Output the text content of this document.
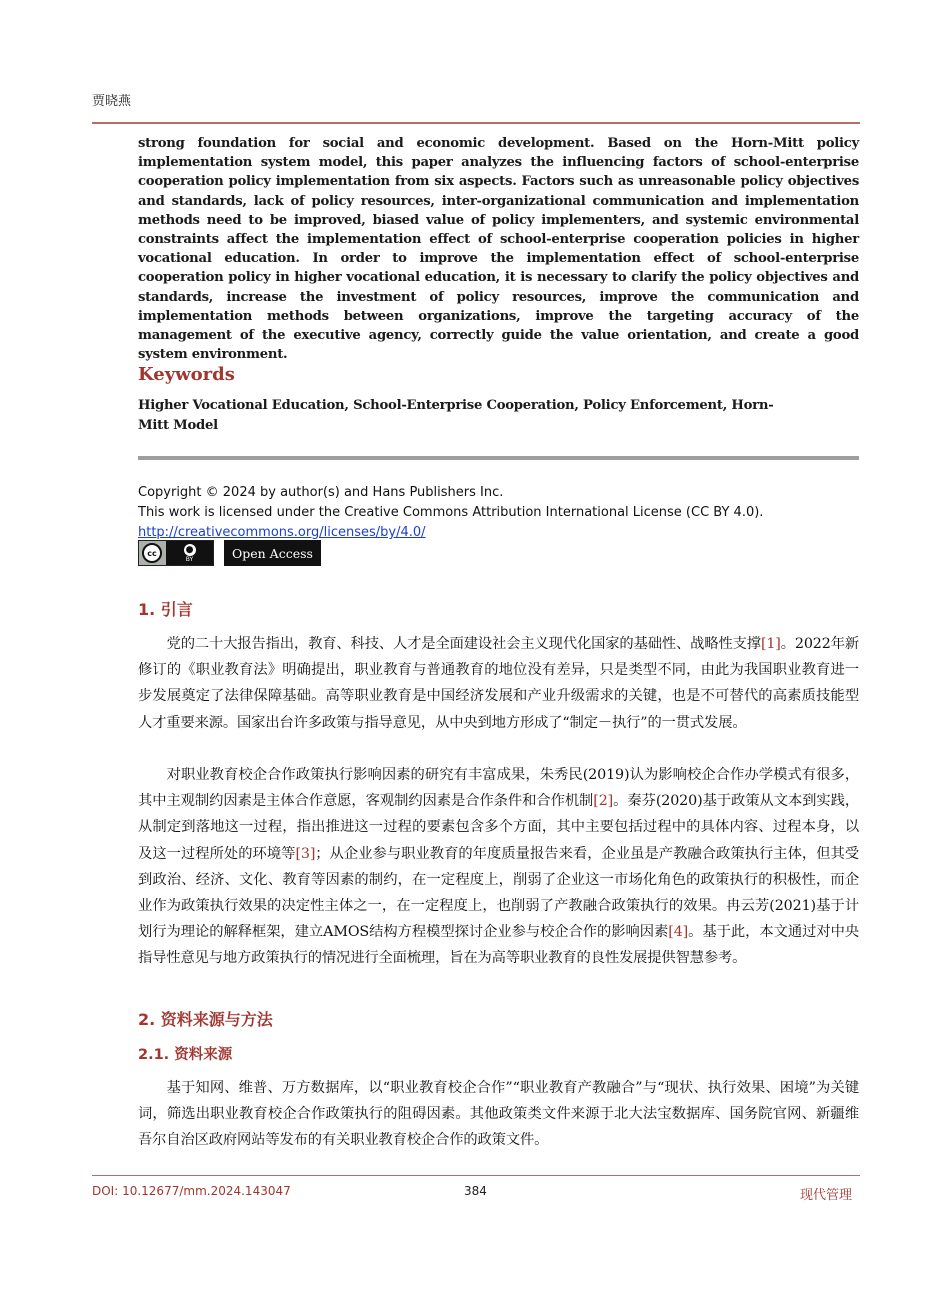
贾晓燕
strong foundation for social and economic development. Based on the Horn-Mitt policy implementation system model, this paper analyzes the influencing factors of school-enterprise cooperation policy implementation from six aspects. Factors such as unreasonable policy objectives and standards, lack of policy resources, inter-organizational communication and implementation methods need to be improved, biased value of policy implementers, and systemic environmental constraints affect the implementation effect of school-enterprise cooperation policies in higher vocational education. In order to improve the implementation effect of school-enterprise cooperation policy in higher vocational education, it is necessary to clarify the policy objectives and standards, increase the investment of policy resources, improve the communication and implementation methods between organizations, improve the targeting accuracy of the management of the executive agency, correctly guide the value orientation, and create a good system environment.
Keywords
Higher Vocational Education, School-Enterprise Cooperation, Policy Enforcement, Horn-Mitt Model
Copyright © 2024 by author(s) and Hans Publishers Inc.
This work is licensed under the Creative Commons Attribution International License (CC BY 4.0).
http://creativecommons.org/licenses/by/4.0/
cc	●
BY	Open Access
1. 引言
党的二十大报告指出，教育、科技、人才是全面建设社会主义现代化国家的基础性、战略性支撑[1]。2022年新修订的《职业教育法》明确提出，职业教育与普通教育的地位没有差异，只是类型不同，由此为我国职业教育进一步发展奠定了法律保障基础。高等职业教育是中国经济发展和产业升级需求的关键，也是不可替代的高素质技能型人才重要来源。国家出台许多政策与指导意见，从中央到地方形成了“制定－执行”的一贯式发展。
对职业教育校企合作政策执行影响因素的研究有丰富成果，朱秀民(2019)认为影响校企合作办学模式有很多，其中主观制约因素是主体合作意愿，客观制约因素是合作条件和合作机制[2]。秦芬(2020)基于政策从文本到实践，从制定到落地这一过程，指出推进这一过程的要素包含多个方面，其中主要包括过程中的具体内容、过程本身，以及这一过程所处的环境等[3]；从企业参与职业教育的年度质量报告来看，企业虽是产教融合政策执行主体，但其受到政治、经济、文化、教育等因素的制约，在一定程度上，削弱了企业这一市场化角色的政策执行的积极性，而企业作为政策执行效果的决定性主体之一，在一定程度上，也削弱了产教融合政策执行的效果。冉云芳(2021)基于计划行为理论的解释框架，建立AMOS结构方程模型探讨企业参与校企合作的影响因素[4]。基于此，本文通过对中央指导性意见与地方政策执行的情况进行全面梳理，旨在为高等职业教育的良性发展提供智慧参考。
2. 资料来源与方法
2.1. 资料来源
基于知网、维普、万方数据库，以“职业教育校企合作”“职业教育产教融合”与“现状、执行效果、困境”为关键词，筛选出职业教育校企合作政策执行的阻碍因素。其他政策类文件来源于北大法宝数据库、国务院官网、新疆维吾尔自治区政府网站等发布的有关职业教育校企合作的政策文件。
DOI: 10.12677/mm.2024.143047	384	现代管理
